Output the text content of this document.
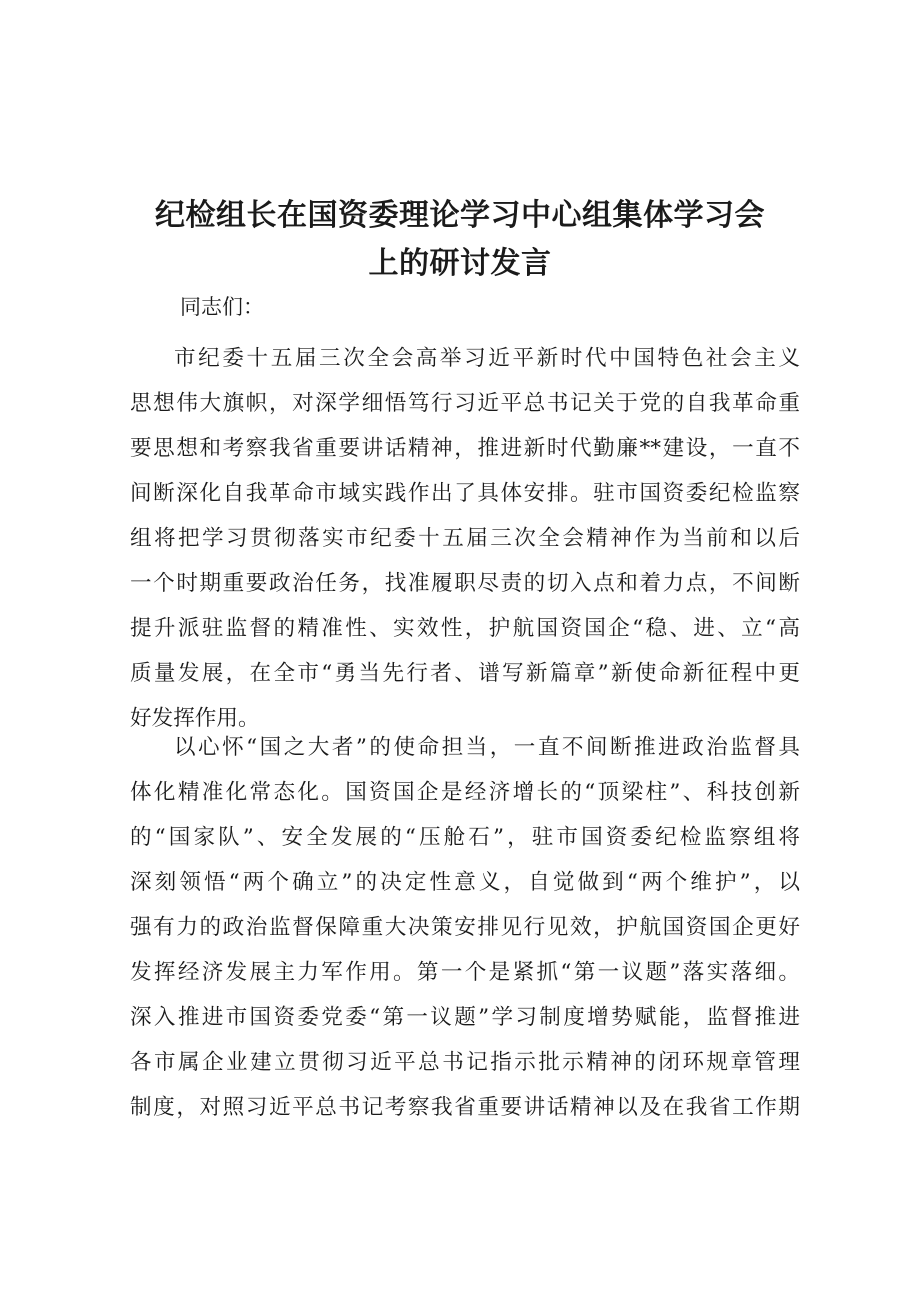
纪检组长在国资委理论学习中心组集体学习会
上的研讨发言

同志们：

市纪委十五届三次全会高举习近平新时代中国特色社会主义
思想伟大旗帜，对深学细悟笃行习近平总书记关于党的自我革命重
要思想和考察我省重要讲话精神，推进新时代勤廉**建设，一直不
间断深化自我革命市域实践作出了具体安排。驻市国资委纪检监察
组将把学习贯彻落实市纪委十五届三次全会精神作为当前和以后
一个时期重要政治任务，找准履职尽责的切入点和着力点，不间断
提升派驻监督的精准性、实效性，护航国资国企“稳、进、立“高
质量发展，在全市“勇当先行者、谱写新篇章”新使命新征程中更
好发挥作用。
以心怀“国之大者”的使命担当，一直不间断推进政治监督具
体化精准化常态化。国资国企是经济增长的“顶梁柱”、科技创新
的“国家队”、安全发展的“压舱石”，驻市国资委纪检监察组将
深刻领悟“两个确立”的决定性意义，自觉做到“两个维护”，以
强有力的政治监督保障重大决策安排见行见效，护航国资国企更好
发挥经济发展主力军作用。第一个是紧抓“第一议题”落实落细。
深入推进市国资委党委“第一议题”学习制度增势赋能，监督推进
各市属企业建立贯彻习近平总书记指示批示精神的闭环规章管理
制度，对照习近平总书记考察我省重要讲话精神以及在我省工作期
